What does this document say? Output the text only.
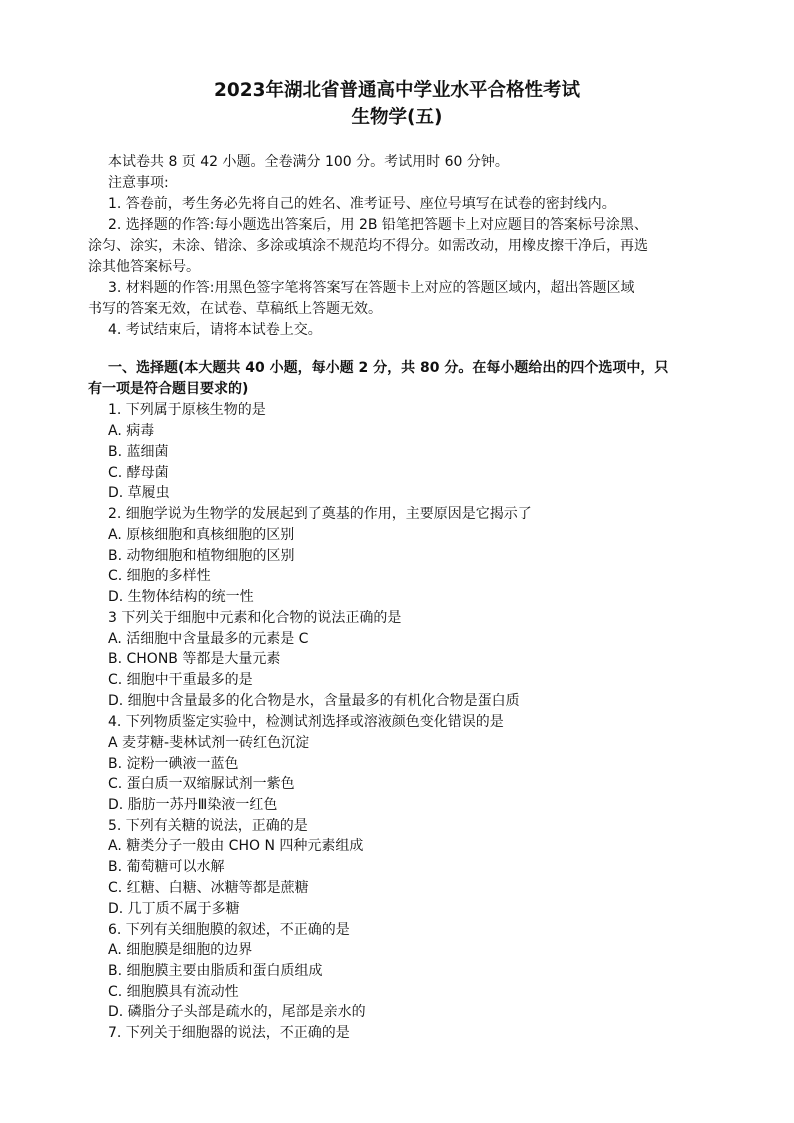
2023年湖北省普通高中学业水平合格性考试
生物学(五)
本试卷共 8 页 42 小题。全卷满分 100 分。考试用时 60 分钟。
注意事项:
1. 答卷前，考生务必先将自己的姓名、准考证号、座位号填写在试卷的密封线内。
2. 选择题的作答:每小题选出答案后，用 2B 铅笔把答题卡上对应题目的答案标号涂黑、
涂匀、涂实，未涂、错涂、多涂或填涂不规范均不得分。如需改动，用橡皮擦干净后，再选
涂其他答案标号。
3. 材料题的作答:用黑色签字笔将答案写在答题卡上对应的答题区域内，超出答题区域
书写的答案无效，在试卷、草稿纸上答题无效。
4. 考试结束后，请将本试卷上交。
一、选择题(本大题共 40 小题，每小题 2 分，共 80 分。在每小题给出的四个选项中，只
有一项是符合题目要求的)
1. 下列属于原核生物的是
A. 病毒
B. 蓝细菌
C. 酵母菌
D. 草履虫
2. 细胞学说为生物学的发展起到了奠基的作用，主要原因是它揭示了
A. 原核细胞和真核细胞的区别
B. 动物细胞和植物细胞的区别
C. 细胞的多样性
D. 生物体结构的统一性
3 下列关于细胞中元素和化合物的说法正确的是
A. 活细胞中含量最多的元素是 C
B. CHONB 等都是大量元素
C. 细胞中干重最多的是
D. 细胞中含量最多的化合物是水，含量最多的有机化合物是蛋白质
4. 下列物质鉴定实验中，检测试剂选择或溶液颜色变化错误的是
A 麦芽糖-斐林试剂一砖红色沉淀
B. 淀粉一碘液一蓝色
C. 蛋白质一双缩脲试剂一紫色
D. 脂肪一苏丹Ⅲ染液一红色
5. 下列有关糖的说法，正确的是
A. 糖类分子一般由 CHO N 四种元素组成
B. 葡萄糖可以水解
C. 红糖、白糖、冰糖等都是蔗糖
D. 几丁质不属于多糖
6. 下列有关细胞膜的叙述，不正确的是
A. 细胞膜是细胞的边界
B. 细胞膜主要由脂质和蛋白质组成
C. 细胞膜具有流动性
D. 磷脂分子头部是疏水的，尾部是亲水的
7. 下列关于细胞器的说法，不正确的是
